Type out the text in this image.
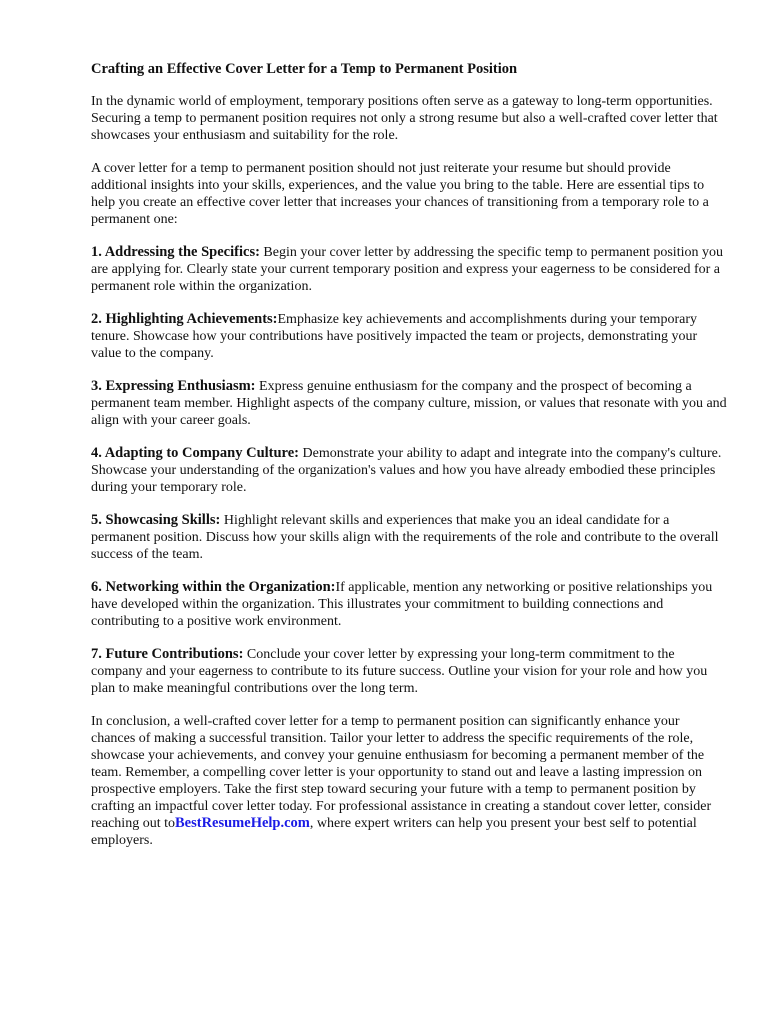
Crafting an Effective Cover Letter for a Temp to Permanent Position

In the dynamic world of employment, temporary positions often serve as a gateway to long-term opportunities. Securing a temp to permanent position requires not only a strong resume but also a well-crafted cover letter that showcases your enthusiasm and suitability for the role.

A cover letter for a temp to permanent position should not just reiterate your resume but should provide additional insights into your skills, experiences, and the value you bring to the table. Here are essential tips to help you create an effective cover letter that increases your chances of transitioning from a temporary role to a permanent one:

1. Addressing the Specifics: Begin your cover letter by addressing the specific temp to permanent position you are applying for. Clearly state your current temporary position and express your eagerness to be considered for a permanent role within the organization.

2. Highlighting Achievements:Emphasize key achievements and accomplishments during your temporary tenure. Showcase how your contributions have positively impacted the team or projects, demonstrating your value to the company.

3. Expressing Enthusiasm: Express genuine enthusiasm for the company and the prospect of becoming a permanent team member. Highlight aspects of the company culture, mission, or values that resonate with you and align with your career goals.

4. Adapting to Company Culture: Demonstrate your ability to adapt and integrate into the company's culture. Showcase your understanding of the organization's values and how you have already embodied these principles during your temporary role.

5. Showcasing Skills: Highlight relevant skills and experiences that make you an ideal candidate for a permanent position. Discuss how your skills align with the requirements of the role and contribute to the overall success of the team.

6. Networking within the Organization:If applicable, mention any networking or positive relationships you have developed within the organization. This illustrates your commitment to building connections and contributing to a positive work environment.

7. Future Contributions: Conclude your cover letter by expressing your long-term commitment to the company and your eagerness to contribute to its future success. Outline your vision for your role and how you plan to make meaningful contributions over the long term.

In conclusion, a well-crafted cover letter for a temp to permanent position can significantly enhance your chances of making a successful transition. Tailor your letter to address the specific requirements of the role, showcase your achievements, and convey your genuine enthusiasm for becoming a permanent member of the team. Remember, a compelling cover letter is your opportunity to stand out and leave a lasting impression on prospective employers. Take the first step toward securing your future with a temp to permanent position by crafting an impactful cover letter today. For professional assistance in creating a standout cover letter, consider reaching out toBestResumeHelp.com, where expert writers can help you present your best self to potential employers.
